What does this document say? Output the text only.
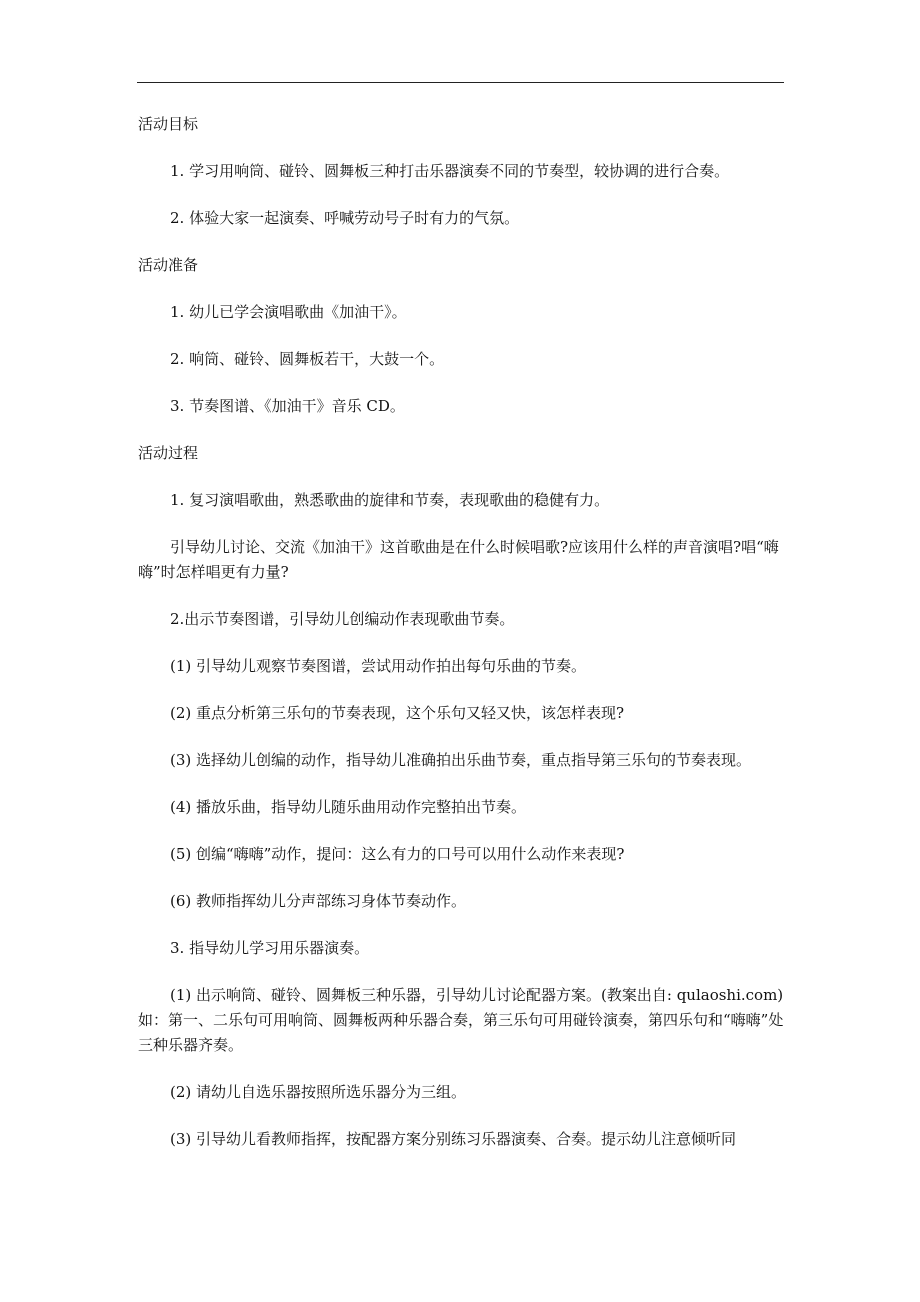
活动目标
1. 学习用响筒、碰铃、圆舞板三种打击乐器演奏不同的节奏型，较协调的进行合奏。
2. 体验大家一起演奏、呼喊劳动号子时有力的气氛。
活动准备
1. 幼儿已学会演唱歌曲《加油干》。
2. 响筒、碰铃、圆舞板若干，大鼓一个。
3. 节奏图谱、《加油干》音乐 CD。
活动过程
1. 复习演唱歌曲，熟悉歌曲的旋律和节奏，表现歌曲的稳健有力。
引导幼儿讨论、交流《加油干》这首歌曲是在什么时候唱歌?应该用什么样的声音演唱?唱“嗨嗨”时怎样唱更有力量?
2.出示节奏图谱，引导幼儿创编动作表现歌曲节奏。
(1) 引导幼儿观察节奏图谱，尝试用动作拍出每句乐曲的节奏。
(2) 重点分析第三乐句的节奏表现，这个乐句又轻又快，该怎样表现?
(3) 选择幼儿创编的动作，指导幼儿准确拍出乐曲节奏，重点指导第三乐句的节奏表现。
(4) 播放乐曲，指导幼儿随乐曲用动作完整拍出节奏。
(5) 创编“嗨嗨”动作，提问：这么有力的口号可以用什么动作来表现?
(6) 教师指挥幼儿分声部练习身体节奏动作。
3. 指导幼儿学习用乐器演奏。
(1) 出示响筒、碰铃、圆舞板三种乐器，引导幼儿讨论配器方案。(教案出自: qulaoshi.com)如：第一、二乐句可用响筒、圆舞板两种乐器合奏，第三乐句可用碰铃演奏，第四乐句和“嗨嗨”处三种乐器齐奏。
(2) 请幼儿自选乐器按照所选乐器分为三组。
(3) 引导幼儿看教师指挥，按配器方案分别练习乐器演奏、合奏。提示幼儿注意倾听同
